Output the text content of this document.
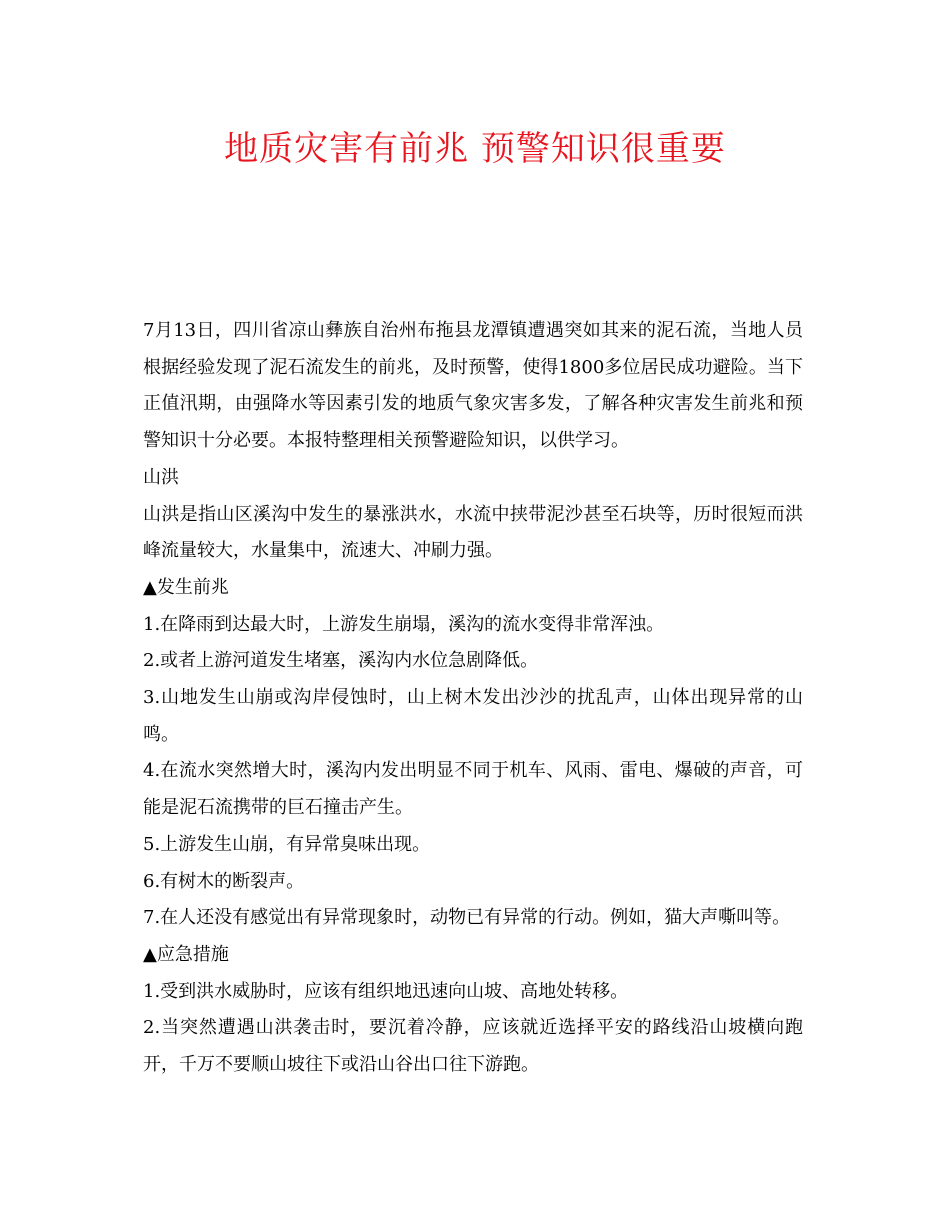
地质灾害有前兆 预警知识很重要

7月13日，四川省凉山彝族自治州布拖县龙潭镇遭遇突如其来的泥石流，当地人员根据经验发现了泥石流发生的前兆，及时预警，使得1800多位居民成功避险。当下正值汛期，由强降水等因素引发的地质气象灾害多发，了解各种灾害发生前兆和预警知识十分必要。本报特整理相关预警避险知识，以供学习。

山洪

山洪是指山区溪沟中发生的暴涨洪水，水流中挟带泥沙甚至石块等，历时很短而洪峰流量较大，水量集中，流速大、冲刷力强。

▲发生前兆

1.在降雨到达最大时，上游发生崩塌，溪沟的流水变得非常浑浊。

2.或者上游河道发生堵塞，溪沟内水位急剧降低。

3.山地发生山崩或沟岸侵蚀时，山上树木发出沙沙的扰乱声，山体出现异常的山鸣。

4.在流水突然增大时，溪沟内发出明显不同于机车、风雨、雷电、爆破的声音，可能是泥石流携带的巨石撞击产生。

5.上游发生山崩，有异常臭味出现。

6.有树木的断裂声。

7.在人还没有感觉出有异常现象时，动物已有异常的行动。例如，猫大声嘶叫等。

▲应急措施

1.受到洪水威胁时，应该有组织地迅速向山坡、高地处转移。

2.当突然遭遇山洪袭击时，要沉着冷静，应该就近选择平安的路线沿山坡横向跑开，千万不要顺山坡往下或沿山谷出口往下游跑。
